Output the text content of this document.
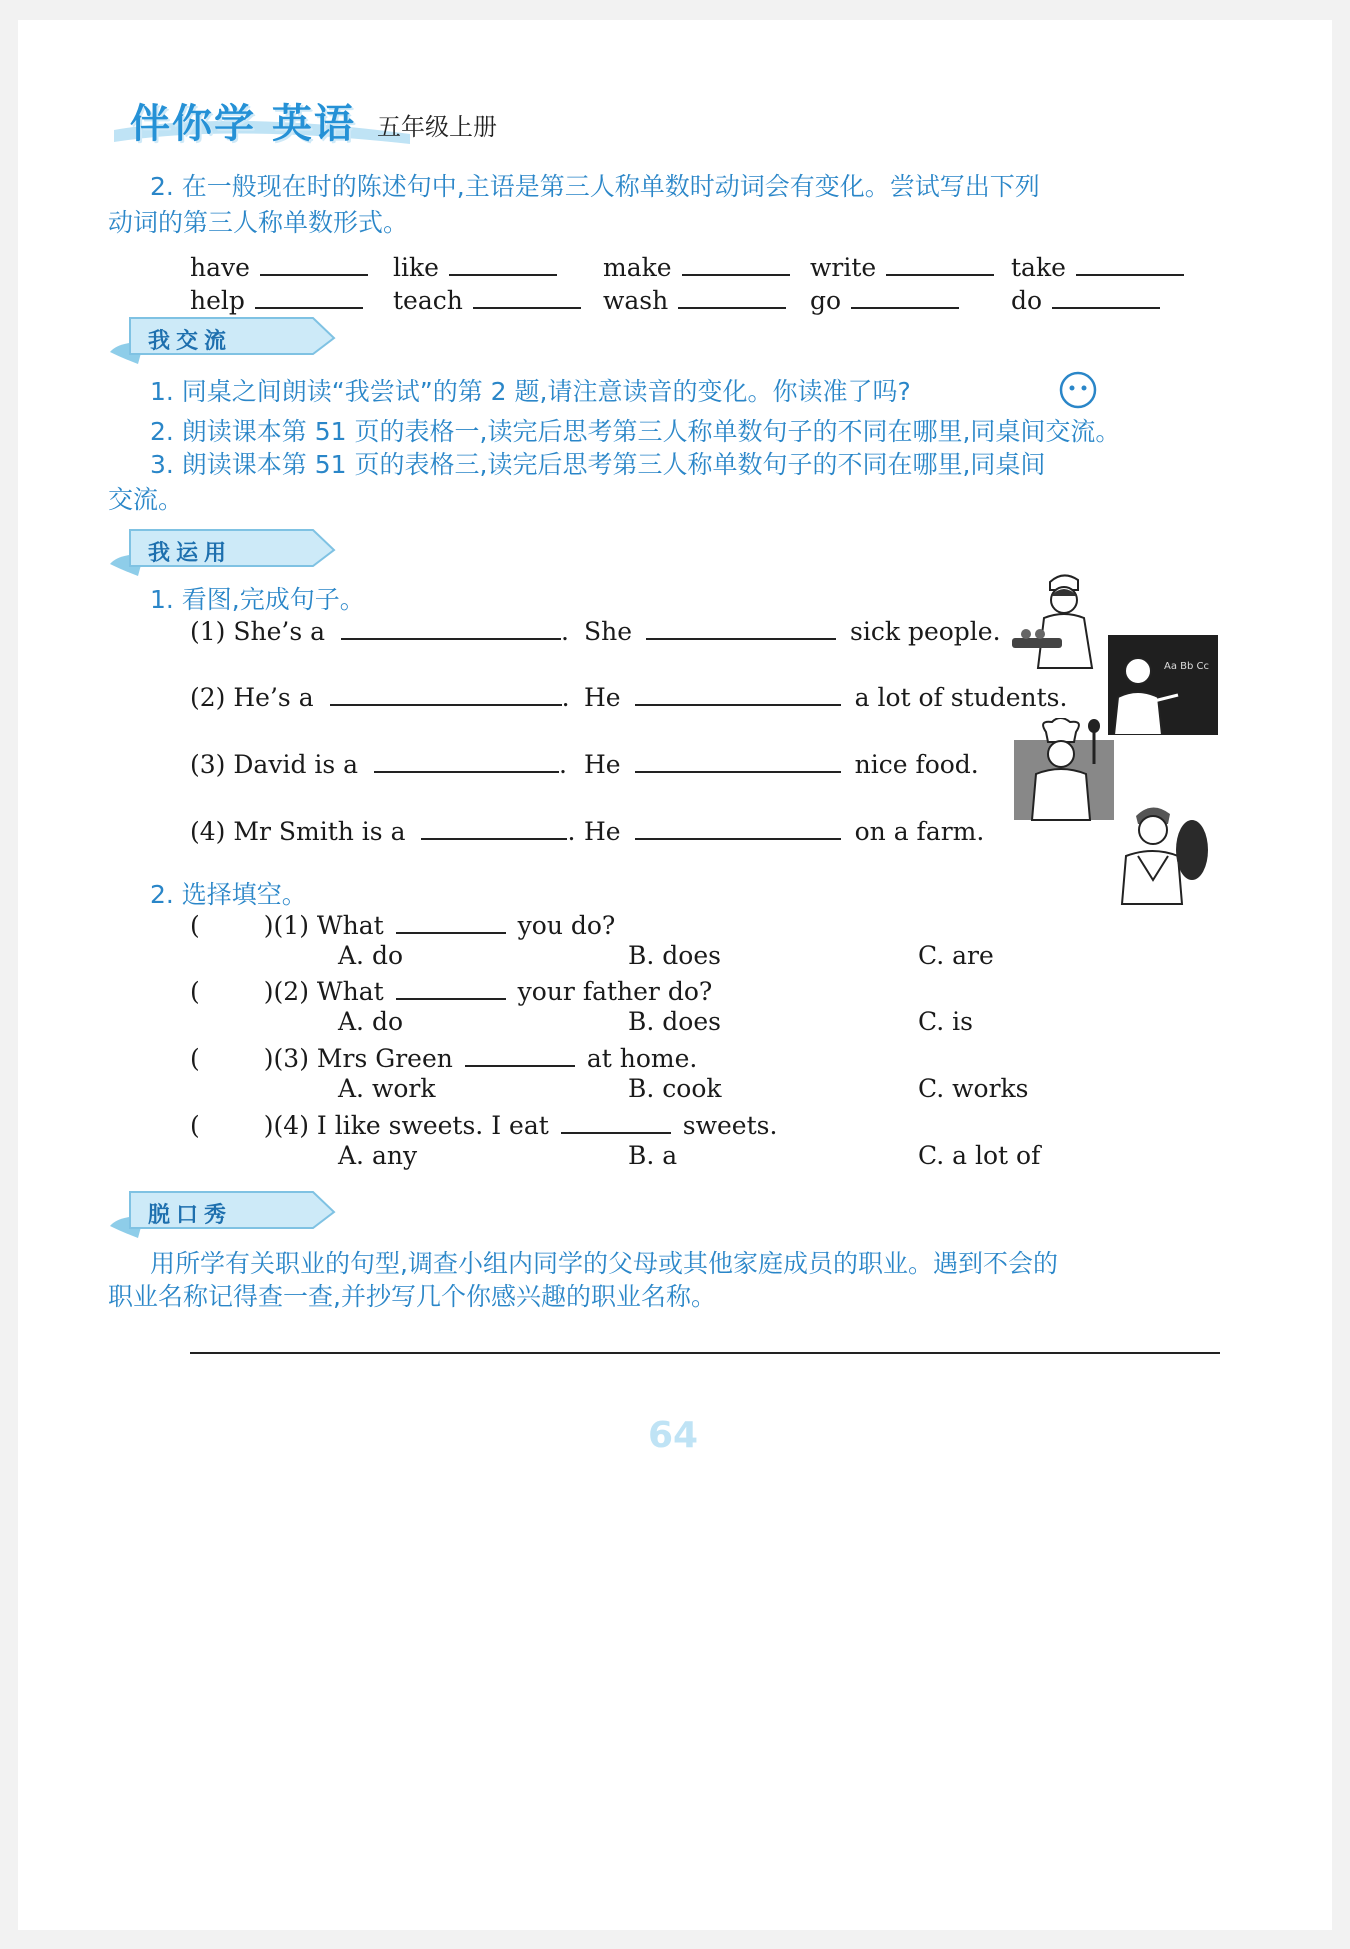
伴你学 英语 五年级上册
2. 在一般现在时的陈述句中,主语是第三人称单数时动词会有变化。尝试写出下列
动词的第三人称单数形式。
have	like	make	write	take
help	teach	wash	go	do
我交流
1. 同桌之间朗读“我尝试”的第 2 题,请注意读音的变化。你读准了吗?
2. 朗读课本第 51 页的表格一,读完后思考第三人称单数句子的不同在哪里,同桌间交流。
3. 朗读课本第 51 页的表格三,读完后思考第三人称单数句子的不同在哪里,同桌间
交流。
我运用
1. 看图,完成句子。
(1) She’s a	. She	sick people.
(2) He’s a	. He	a lot of students.
(3) David is a	. He	nice food.
(4) Mr Smith is a	. He	on a farm.
Aa Bb Cc
2. 选择填空。
(	)(1) What	you do?
A. do	B. does	C. are
(	)(2) What	your father do?
A. do	B. does	C. is
(	)(3) Mrs Green	at home.
A. work	B. cook	C. works
(	)(4) I like sweets. I eat	sweets.
A. any	B. a	C. a lot of
脱口秀
用所学有关职业的句型,调查小组内同学的父母或其他家庭成员的职业。遇到不会的
职业名称记得查一查,并抄写几个你感兴趣的职业名称。
64
